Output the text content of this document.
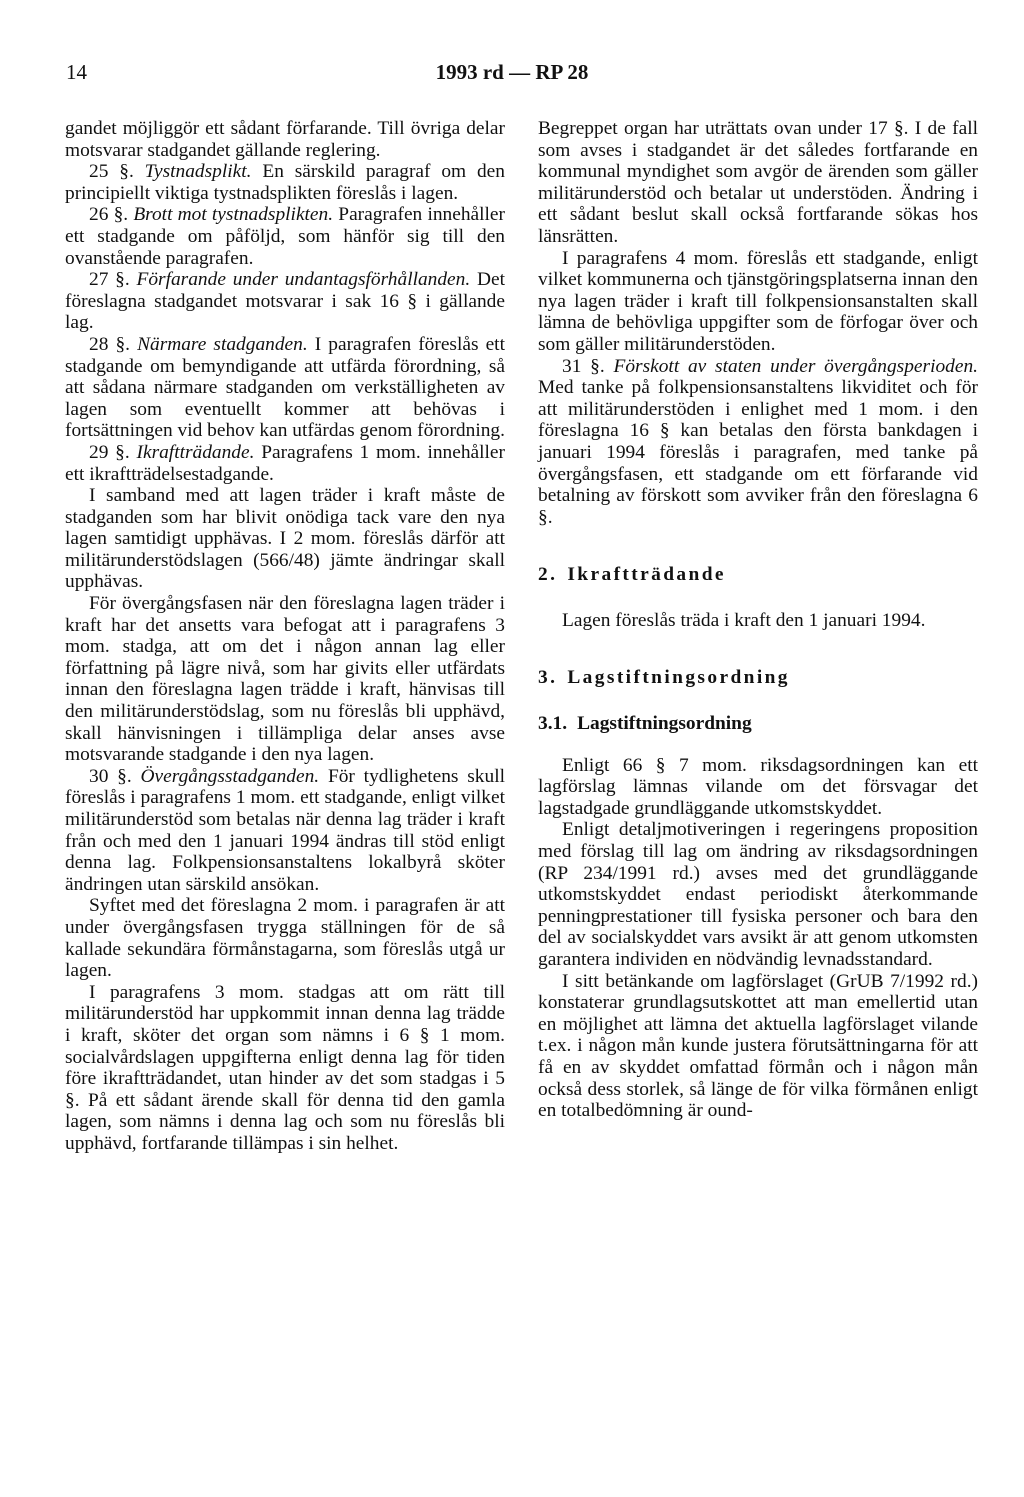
14	1993 rd — RP 28

gandet möjliggör ett sådant förfarande. Till övriga delar motsvarar stadgandet gällande reglering.

25 §. Tystnadsplikt. En särskild paragraf om den principiellt viktiga tystnadsplikten föreslås i lagen.

26 §. Brott mot tystnadsplikten. Paragrafen innehåller ett stadgande om påföljd, som hänför sig till den ovanstående paragrafen.

27 §. Förfarande under undantagsförhållanden. Det föreslagna stadgandet motsvarar i sak 16 § i gällande lag.

28 §. Närmare stadganden. I paragrafen föreslås ett stadgande om bemyndigande att utfärda förordning, så att sådana närmare stadganden om verkställigheten av lagen som eventuellt kommer att behövas i fortsättningen vid behov kan utfärdas genom förordning.

29 §. Ikraftträdande. Paragrafens 1 mom. innehåller ett ikraftträdelsestadgande.

I samband med att lagen träder i kraft måste de stadganden som har blivit onödiga tack vare den nya lagen samtidigt upphävas. I 2 mom. föreslås därför att militärunderstödslagen (566/48) jämte ändringar skall upphävas.

För övergångsfasen när den föreslagna lagen träder i kraft har det ansetts vara befogat att i paragrafens 3 mom. stadga, att om det i någon annan lag eller författning på lägre nivå, som har givits eller utfärdats innan den föreslagna lagen trädde i kraft, hänvisas till den militärunderstödslag, som nu föreslås bli upphävd, skall hänvisningen i tillämpliga delar anses avse motsvarande stadgande i den nya lagen.

30 §. Övergångsstadganden. För tydlighetens skull föreslås i paragrafens 1 mom. ett stadgande, enligt vilket militärunderstöd som betalas när denna lag träder i kraft från och med den 1 januari 1994 ändras till stöd enligt denna lag. Folkpensionsanstaltens lokalbyrå sköter ändringen utan särskild ansökan.

Syftet med det föreslagna 2 mom. i paragrafen är att under övergångsfasen trygga ställningen för de så kallade sekundära förmånstagarna, som föreslås utgå ur lagen.

I paragrafens 3 mom. stadgas att om rätt till militärunderstöd har uppkommit innan denna lag trädde i kraft, sköter det organ som nämns i 6 § 1 mom. socialvårdslagen uppgifterna enligt denna lag för tiden före ikraftträdandet, utan hinder av det som stadgas i 5 §. På ett sådant ärende skall för denna tid den gamla lagen, som nämns i denna lag och som nu föreslås bli upphävd, fortfarande tillämpas i sin helhet.

Begreppet organ har uträttats ovan under 17 §. I de fall som avses i stadgandet är det således fortfarande en kommunal myndighet som avgör de ärenden som gäller militärunderstöd och betalar ut understöden. Ändring i ett sådant beslut skall också fortfarande sökas hos länsrätten.

I paragrafens 4 mom. föreslås ett stadgande, enligt vilket kommunerna och tjänstgöringsplatserna innan den nya lagen träder i kraft till folkpensionsanstalten skall lämna de behövliga uppgifter som de förfogar över och som gäller militärunderstöden.

31 §. Förskott av staten under övergångsperioden. Med tanke på folkpensionsanstaltens likviditet och för att militärunderstöden i enlighet med 1 mom. i den föreslagna 16 § kan betalas den första bankdagen i januari 1994 föreslås i paragrafen, med tanke på övergångsfasen, ett stadgande om ett förfarande vid betalning av förskott som avviker från den föreslagna 6 §.

2. Ikraftträdande

Lagen föreslås träda i kraft den 1 januari 1994.

3. Lagstiftningsordning
3.1. Lagstiftningsordning

Enligt 66 § 7 mom. riksdagsordningen kan ett lagförslag lämnas vilande om det försvagar det lagstadgade grundläggande utkomstskyddet.

Enligt detaljmotiveringen i regeringens proposition med förslag till lag om ändring av riksdagsordningen (RP 234/1991 rd.) avses med det grundläggande utkomstskyddet endast periodiskt återkommande penningprestationer till fysiska personer och bara den del av socialskyddet vars avsikt är att genom utkomsten garantera individen en nödvändig levnadsstandard.

I sitt betänkande om lagförslaget (GrUB 7/1992 rd.) konstaterar grundlagsutskottet att man emellertid utan en möjlighet att lämna det aktuella lagförslaget vilande t.ex. i någon mån kunde justera förutsättningarna för att få en av skyddet omfattad förmån och i någon mån också dess storlek, så länge de för vilka förmånen enligt en totalbedömning är ound-
